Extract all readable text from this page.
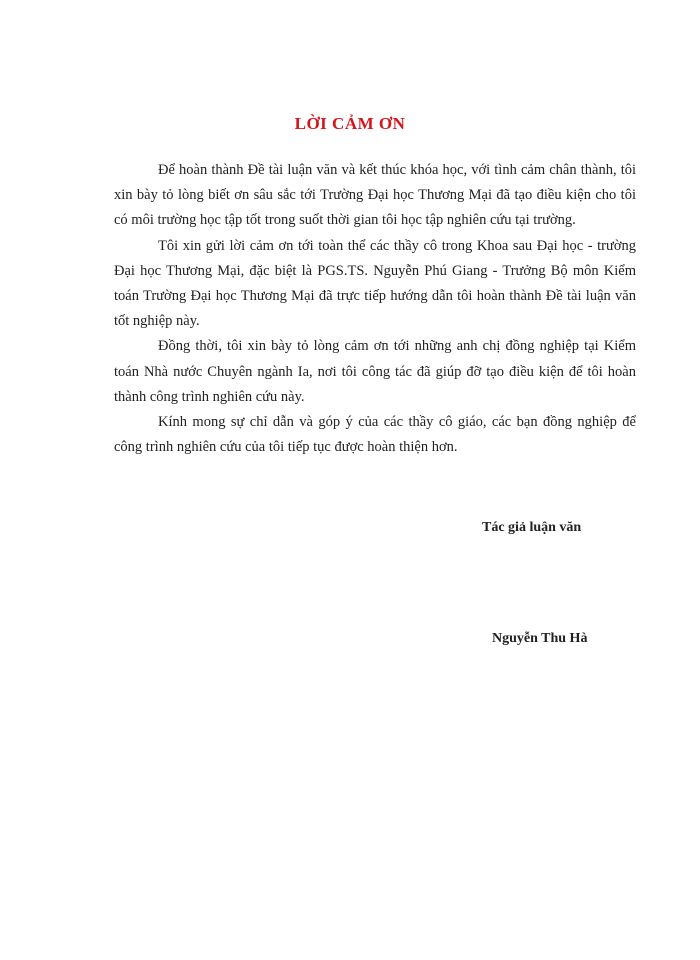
LỜI CẢM ƠN

Để hoàn thành Đề tài luận văn và kết thúc khóa học, với tình cảm chân thành, tôi xin bày tỏ lòng biết ơn sâu sắc tới Trường Đại học Thương Mại đã tạo điều kiện cho tôi có môi trường học tập tốt trong suốt thời gian tôi học tập nghiên cứu tại trường.

Tôi xin gửi lời cảm ơn tới toàn thể các thầy cô trong Khoa sau Đại học - trường Đại học Thương Mại, đặc biệt là PGS.TS. Nguyễn Phú Giang - Trưởng Bộ môn Kiểm toán Trường Đại học Thương Mại đã trực tiếp hướng dẫn tôi hoàn thành Đề tài luận văn tốt nghiệp này.

Đồng thời, tôi xin bày tỏ lòng cảm ơn tới những anh chị đồng nghiệp tại Kiểm toán Nhà nước Chuyên ngành Ia, nơi tôi công tác đã giúp đỡ tạo điều kiện để tôi hoàn thành công trình nghiên cứu này.

Kính mong sự chỉ dẫn và góp ý của các thầy cô giáo, các bạn đồng nghiệp để công trình nghiên cứu của tôi tiếp tục được hoàn thiện hơn.

Tác giả luận văn
Nguyễn Thu Hà
